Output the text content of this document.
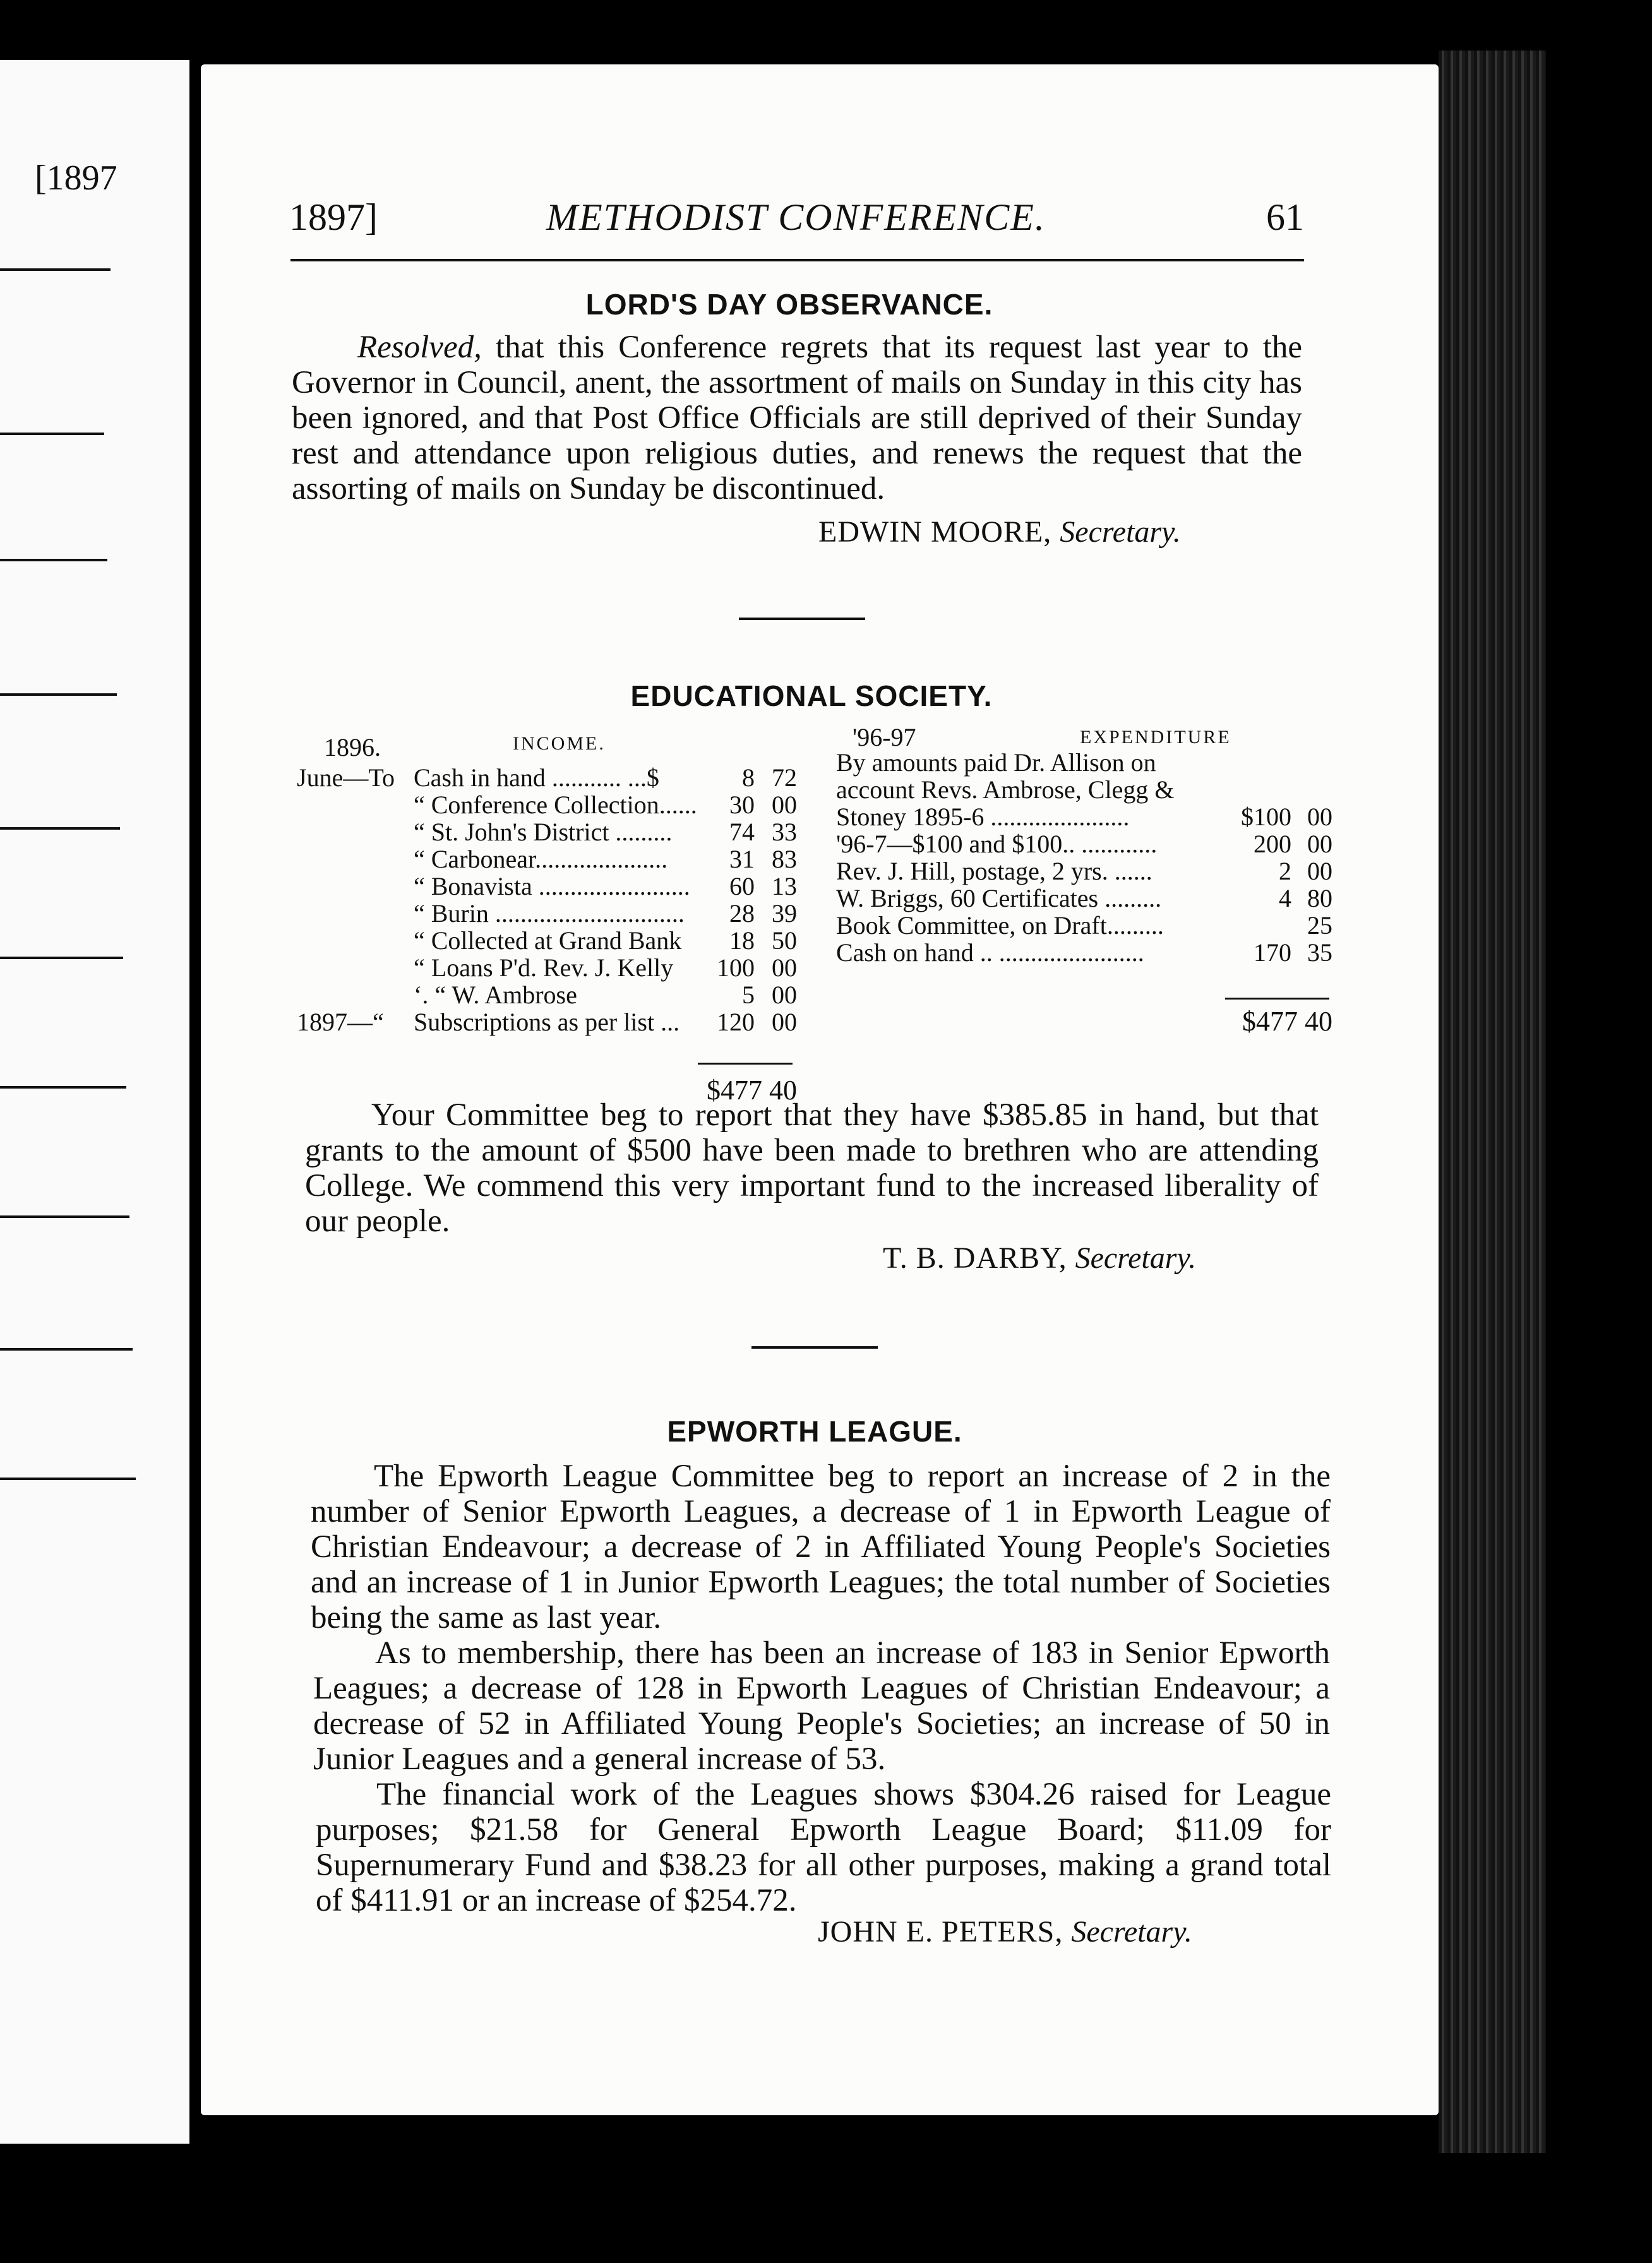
[1897
1897]	METHODIST CONFERENCE.	61
LORD'S DAY OBSERVANCE.
Resolved, that this Conference regrets that its request last year to the Governor in Council, anent, the assortment of mails on Sunday in this city has been ignored, and that Post Office Officials are still deprived of their Sunday rest and attendance upon religious duties, and renews the request that the assorting of mails on Sunday be discontinued.
EDWIN MOORE, Secretary.
EDUCATIONAL SOCIETY.
1896.	INCOME.
June—To Cash in hand ........... ...$	8 72
“ Conference Collection......	30 00
“ St. John's District .........	74 33
“ Carbonear.....................	31 83
“ Bonavista ........................	60 13
“ Burin ..............................	28 39
“ Collected at Grand Bank	18 50
“ Loans P'd. Rev. J. Kelly	100 00
‘. “ W. Ambrose	5 00
1897—“ Subscriptions as per list ...	120 00
$477 40
'96-97	EXPENDITURE
By amounts paid Dr. Allison on
account Revs. Ambrose, Clegg &
Stoney 1895-6 ......................	$100 00
'96-7—$100 and $100.. ............	200 00
Rev. J. Hill, postage, 2 yrs. ......	2 00
W. Briggs, 60 Certificates .........	4 80
Book Committee, on Draft.........	25
Cash on hand .. .......................	170 35
$477 40
Your Committee beg to report that they have $385.85 in hand, but that grants to the amount of $500 have been made to brethren who are attending College. We commend this very important fund to the increased liberality of our people.
T. B. DARBY, Secretary.
EPWORTH LEAGUE.
The Epworth League Committee beg to report an increase of 2 in the number of Senior Epworth Leagues, a decrease of 1 in Epworth League of Christian Endeavour; a decrease of 2 in Affiliated Young People's Societies and an increase of 1 in Junior Epworth Leagues; the total number of Societies being the same as last year.
As to membership, there has been an increase of 183 in Senior Epworth Leagues; a decrease of 128 in Epworth Leagues of Christian Endeavour; a decrease of 52 in Affiliated Young People's Societies; an increase of 50 in Junior Leagues and a general increase of 53.
The financial work of the Leagues shows $304.26 raised for League purposes; $21.58 for General Epworth League Board; $11.09 for Supernumerary Fund and $38.23 for all other purposes, making a grand total of $411.91 or an increase of $254.72.
JOHN E. PETERS, Secretary.
